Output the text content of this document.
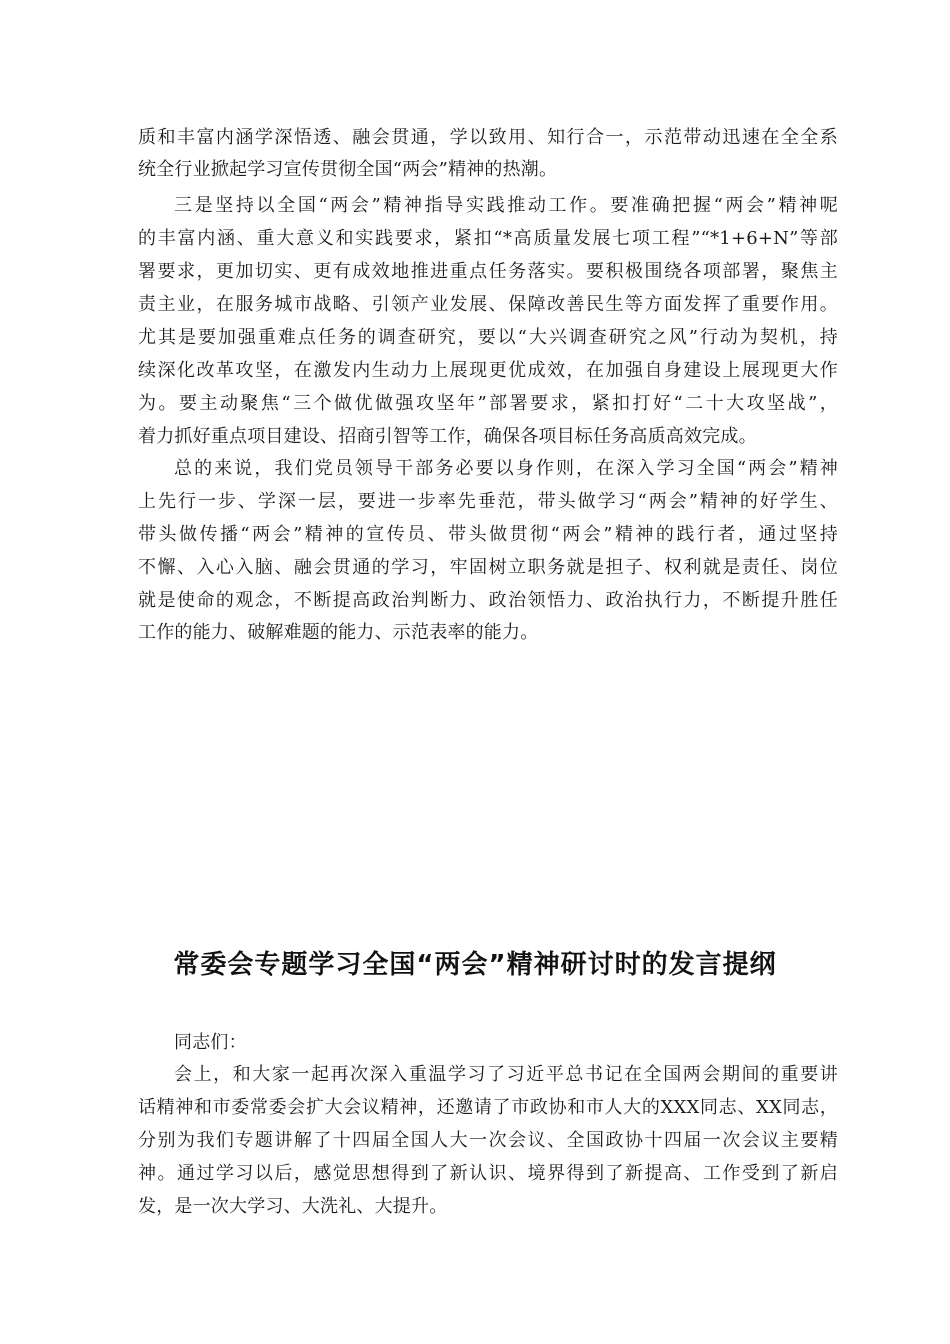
质和丰富内涵学深悟透、融会贯通，学以致用、知行合一，示范带动迅速在全全系
统全行业掀起学习宣传贯彻全国“两会”精神的热潮。
三是坚持以全国“两会”精神指导实践推动工作。要准确把握“两会”精神呢
的丰富内涵、重大意义和实践要求，紧扣“*高质量发展七项工程”“*1+6+N”等部
署要求，更加切实、更有成效地推进重点任务落实。要积极围绕各项部署，聚焦主
责主业，在服务城市战略、引领产业发展、保障改善民生等方面发挥了重要作用。
尤其是要加强重难点任务的调查研究，要以“大兴调查研究之风”行动为契机，持
续深化改革攻坚，在激发内生动力上展现更优成效，在加强自身建设上展现更大作
为。要主动聚焦“三个做优做强攻坚年”部署要求，紧扣打好“二十大攻坚战”，
着力抓好重点项目建设、招商引智等工作，确保各项目标任务高质高效完成。
总的来说，我们党员领导干部务必要以身作则，在深入学习全国“两会”精神
上先行一步、学深一层，要进一步率先垂范，带头做学习“两会”精神的好学生、
带头做传播“两会”精神的宣传员、带头做贯彻“两会”精神的践行者，通过坚持
不懈、入心入脑、融会贯通的学习，牢固树立职务就是担子、权利就是责任、岗位
就是使命的观念，不断提高政治判断力、政治领悟力、政治执行力，不断提升胜任
工作的能力、破解难题的能力、示范表率的能力。
常委会专题学习全国“两会”精神研讨时的发言提纲
同志们：
会上，和大家一起再次深入重温学习了习近平总书记在全国两会期间的重要讲
话精神和市委常委会扩大会议精神，还邀请了市政协和市人大的XXX同志、XX同志，
分别为我们专题讲解了十四届全国人大一次会议、全国政协十四届一次会议主要精
神。通过学习以后，感觉思想得到了新认识、境界得到了新提高、工作受到了新启
发，是一次大学习、大洗礼、大提升。
